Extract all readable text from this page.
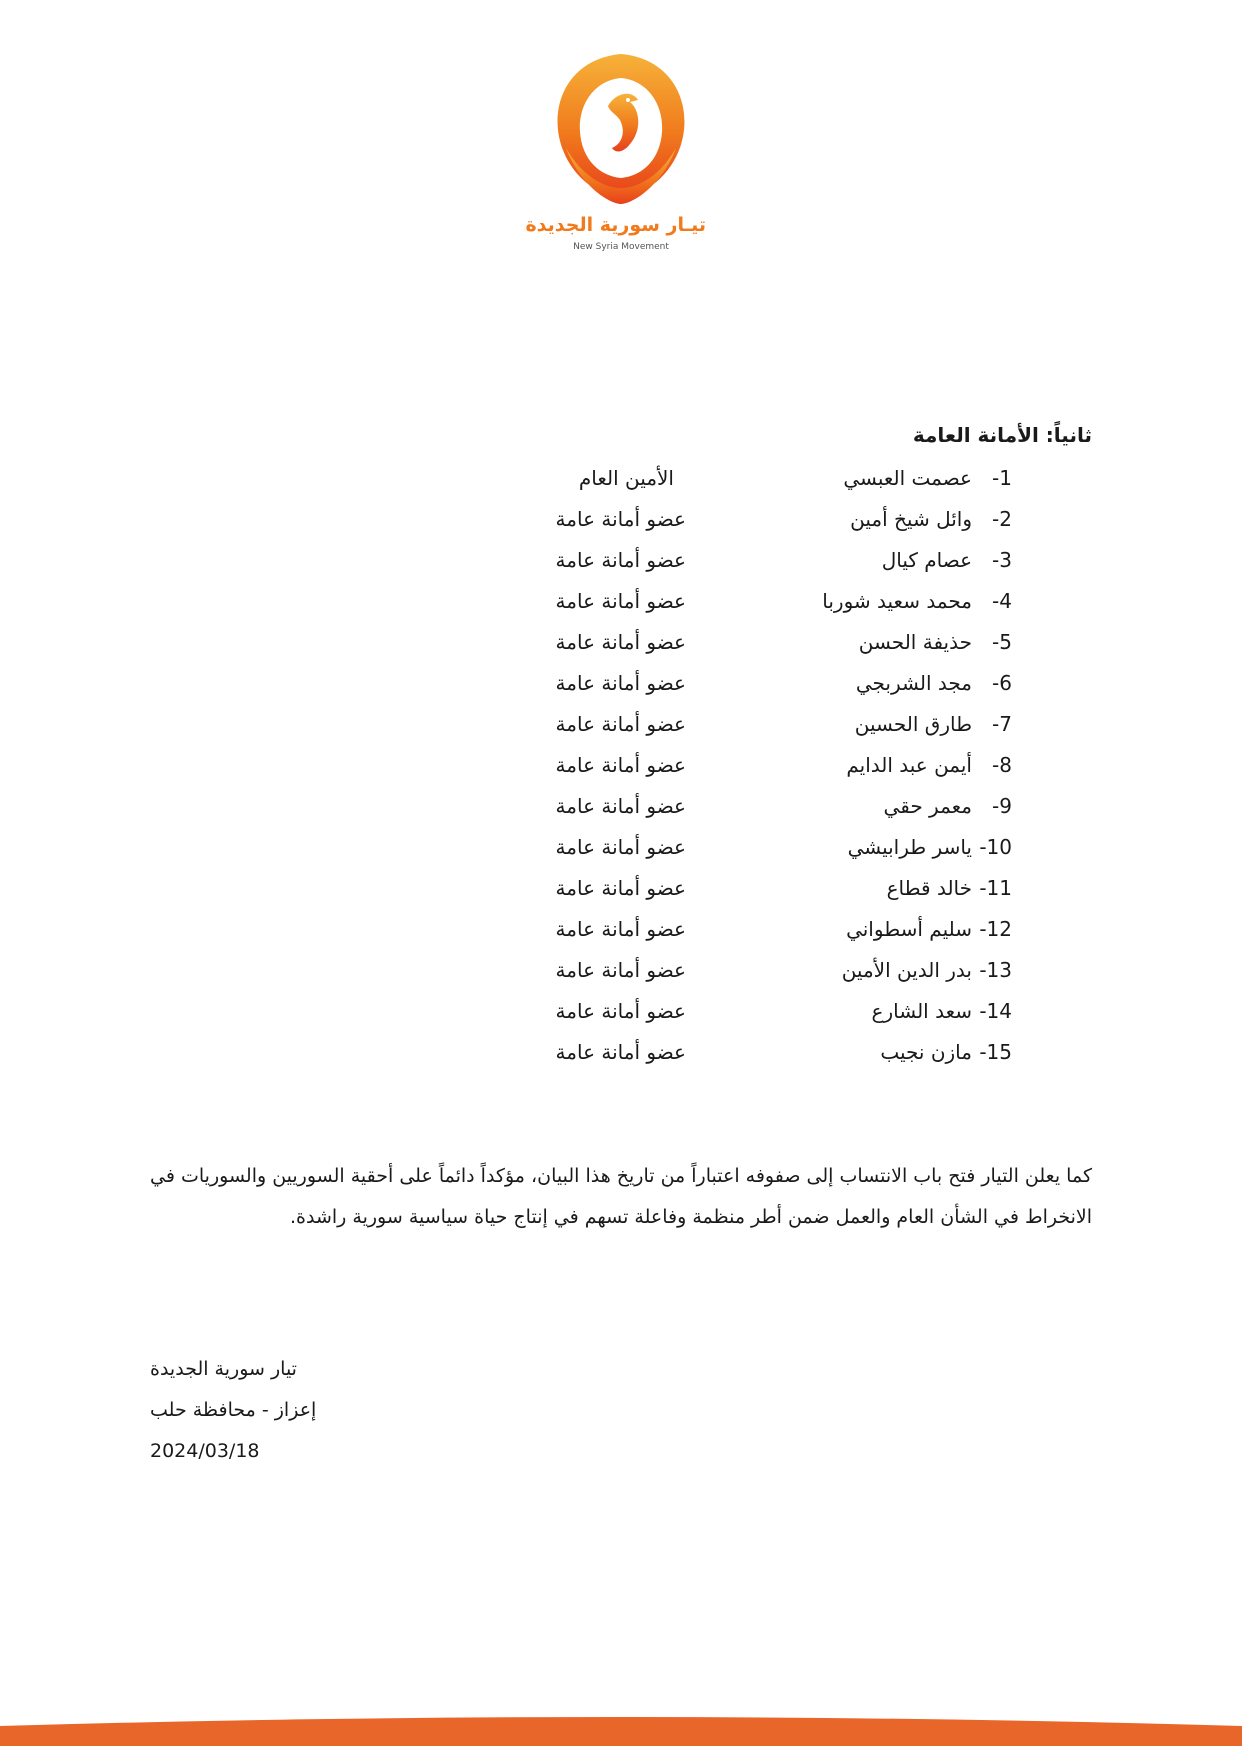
تيـار سورية الجديدة
New Syria Movement
ثانياً: الأمانة العامة
-1
عصمت العبسي
الأمين العام
-2
وائل شيخ أمين
عضو أمانة عامة
-3
عصام كيال
عضو أمانة عامة
-4
محمد سعيد شوربا
عضو أمانة عامة
-5
حذيفة الحسن
عضو أمانة عامة
-6
مجد الشربجي
عضو أمانة عامة
-7
طارق الحسين
عضو أمانة عامة
-8
أيمن عبد الدايم
عضو أمانة عامة
-9
معمر حقي
عضو أمانة عامة
-10
ياسر طرابيشي
عضو أمانة عامة
-11
خالد قطاع
عضو أمانة عامة
-12
سليم أسطواني
عضو أمانة عامة
-13
بدر الدين الأمين
عضو أمانة عامة
-14
سعد الشارع
عضو أمانة عامة
-15
مازن نجيب
عضو أمانة عامة
كما يعلن التيار فتح باب الانتساب إلى صفوفه اعتباراً من تاريخ هذا البيان، مؤكداً دائماً على أحقية السوريين والسوريات في الانخراط في الشأن العام والعمل ضمن أطر منظمة وفاعلة تسهم في إنتاج حياة سياسية سورية راشدة.
تيار سورية الجديدة
إعزاز - محافظة حلب
2024/03/18
